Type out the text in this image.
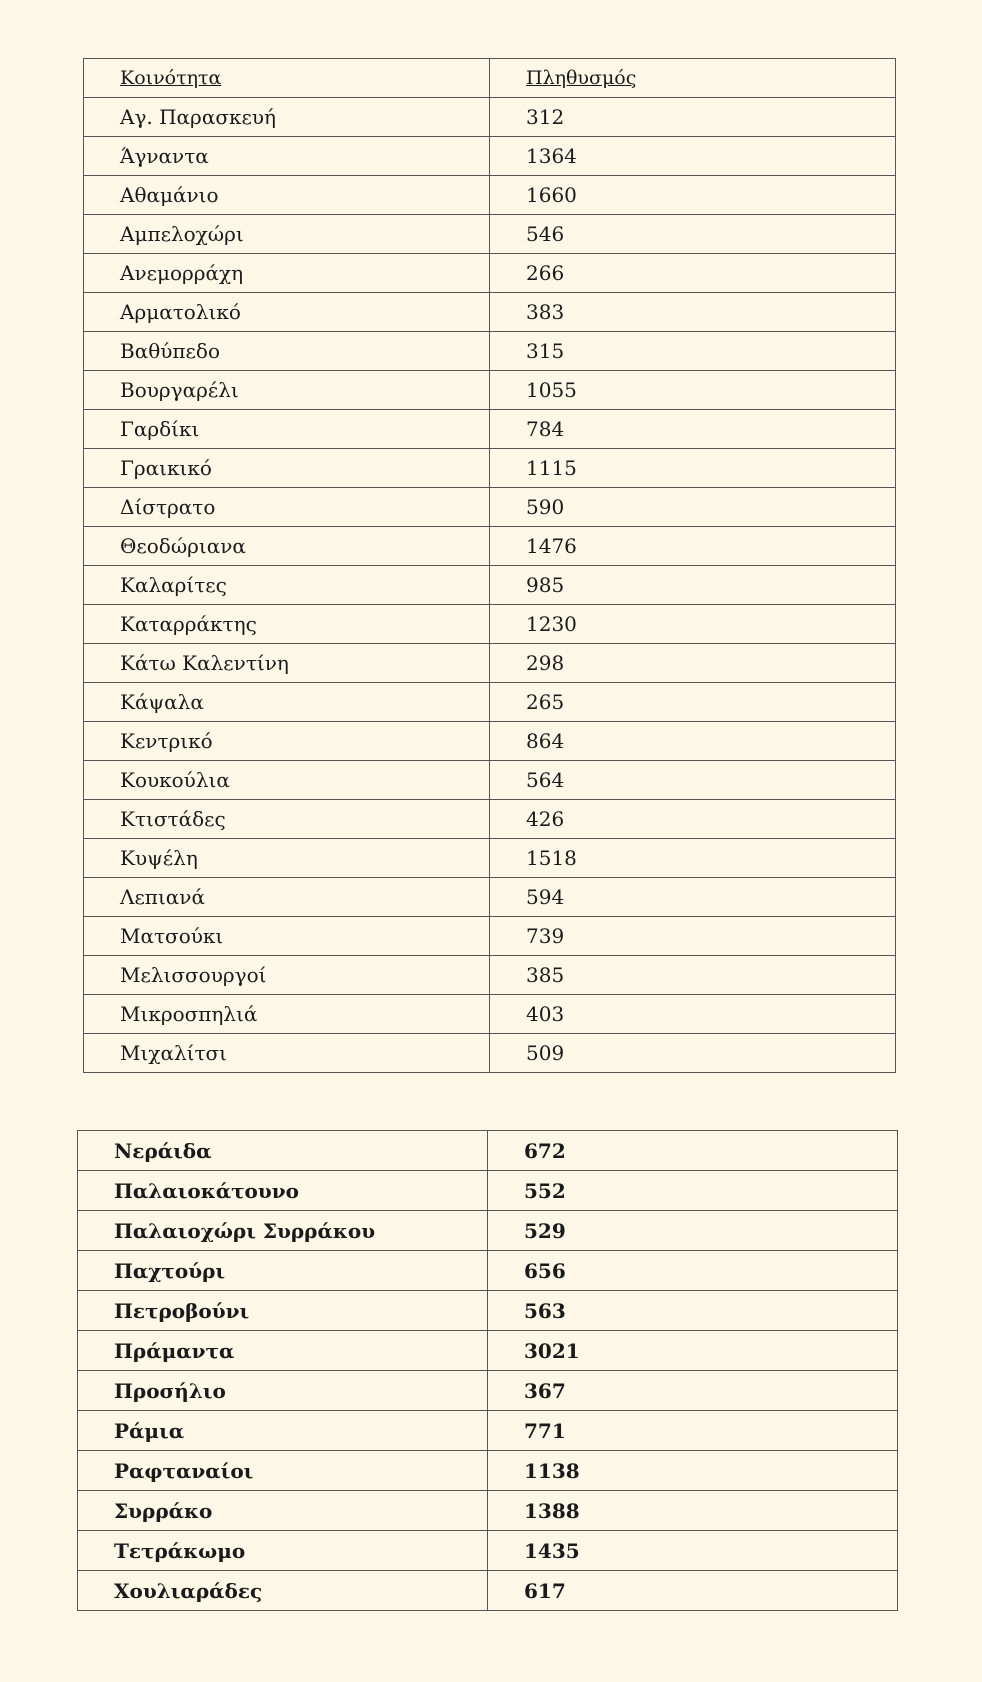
Κοινότητα	Πληθυσμός
Αγ. Παρασκευή	312
Άγναντα	1364
Αθαμάνιο	1660
Αμπελοχώρι	546
Ανεμορράχη	266
Αρματολικό	383
Βαθύπεδο	315
Βουργαρέλι	1055
Γαρδίκι	784
Γραικικό	1115
Δίστρατο	590
Θεοδώριανα	1476
Καλαρίτες	985
Καταρράκτης	1230
Κάτω Καλεντίνη	298
Κάψαλα	265
Κεντρικό	864
Κουκούλια	564
Κτιστάδες	426
Κυψέλη	1518
Λεπιανά	594
Ματσούκι	739
Μελισσουργοί	385
Μικροσπηλιά	403
Μιχαλίτσι	509
Νεράιδα	672
Παλαιοκάτουνο	552
Παλαιοχώρι Συρράκου	529
Παχτούρι	656
Πετροβούνι	563
Πράμαντα	3021
Προσήλιο	367
Ράμια	771
Ραφταναίοι	1138
Συρράκο	1388
Τετράκωμο	1435
Χουλιαράδες	617
